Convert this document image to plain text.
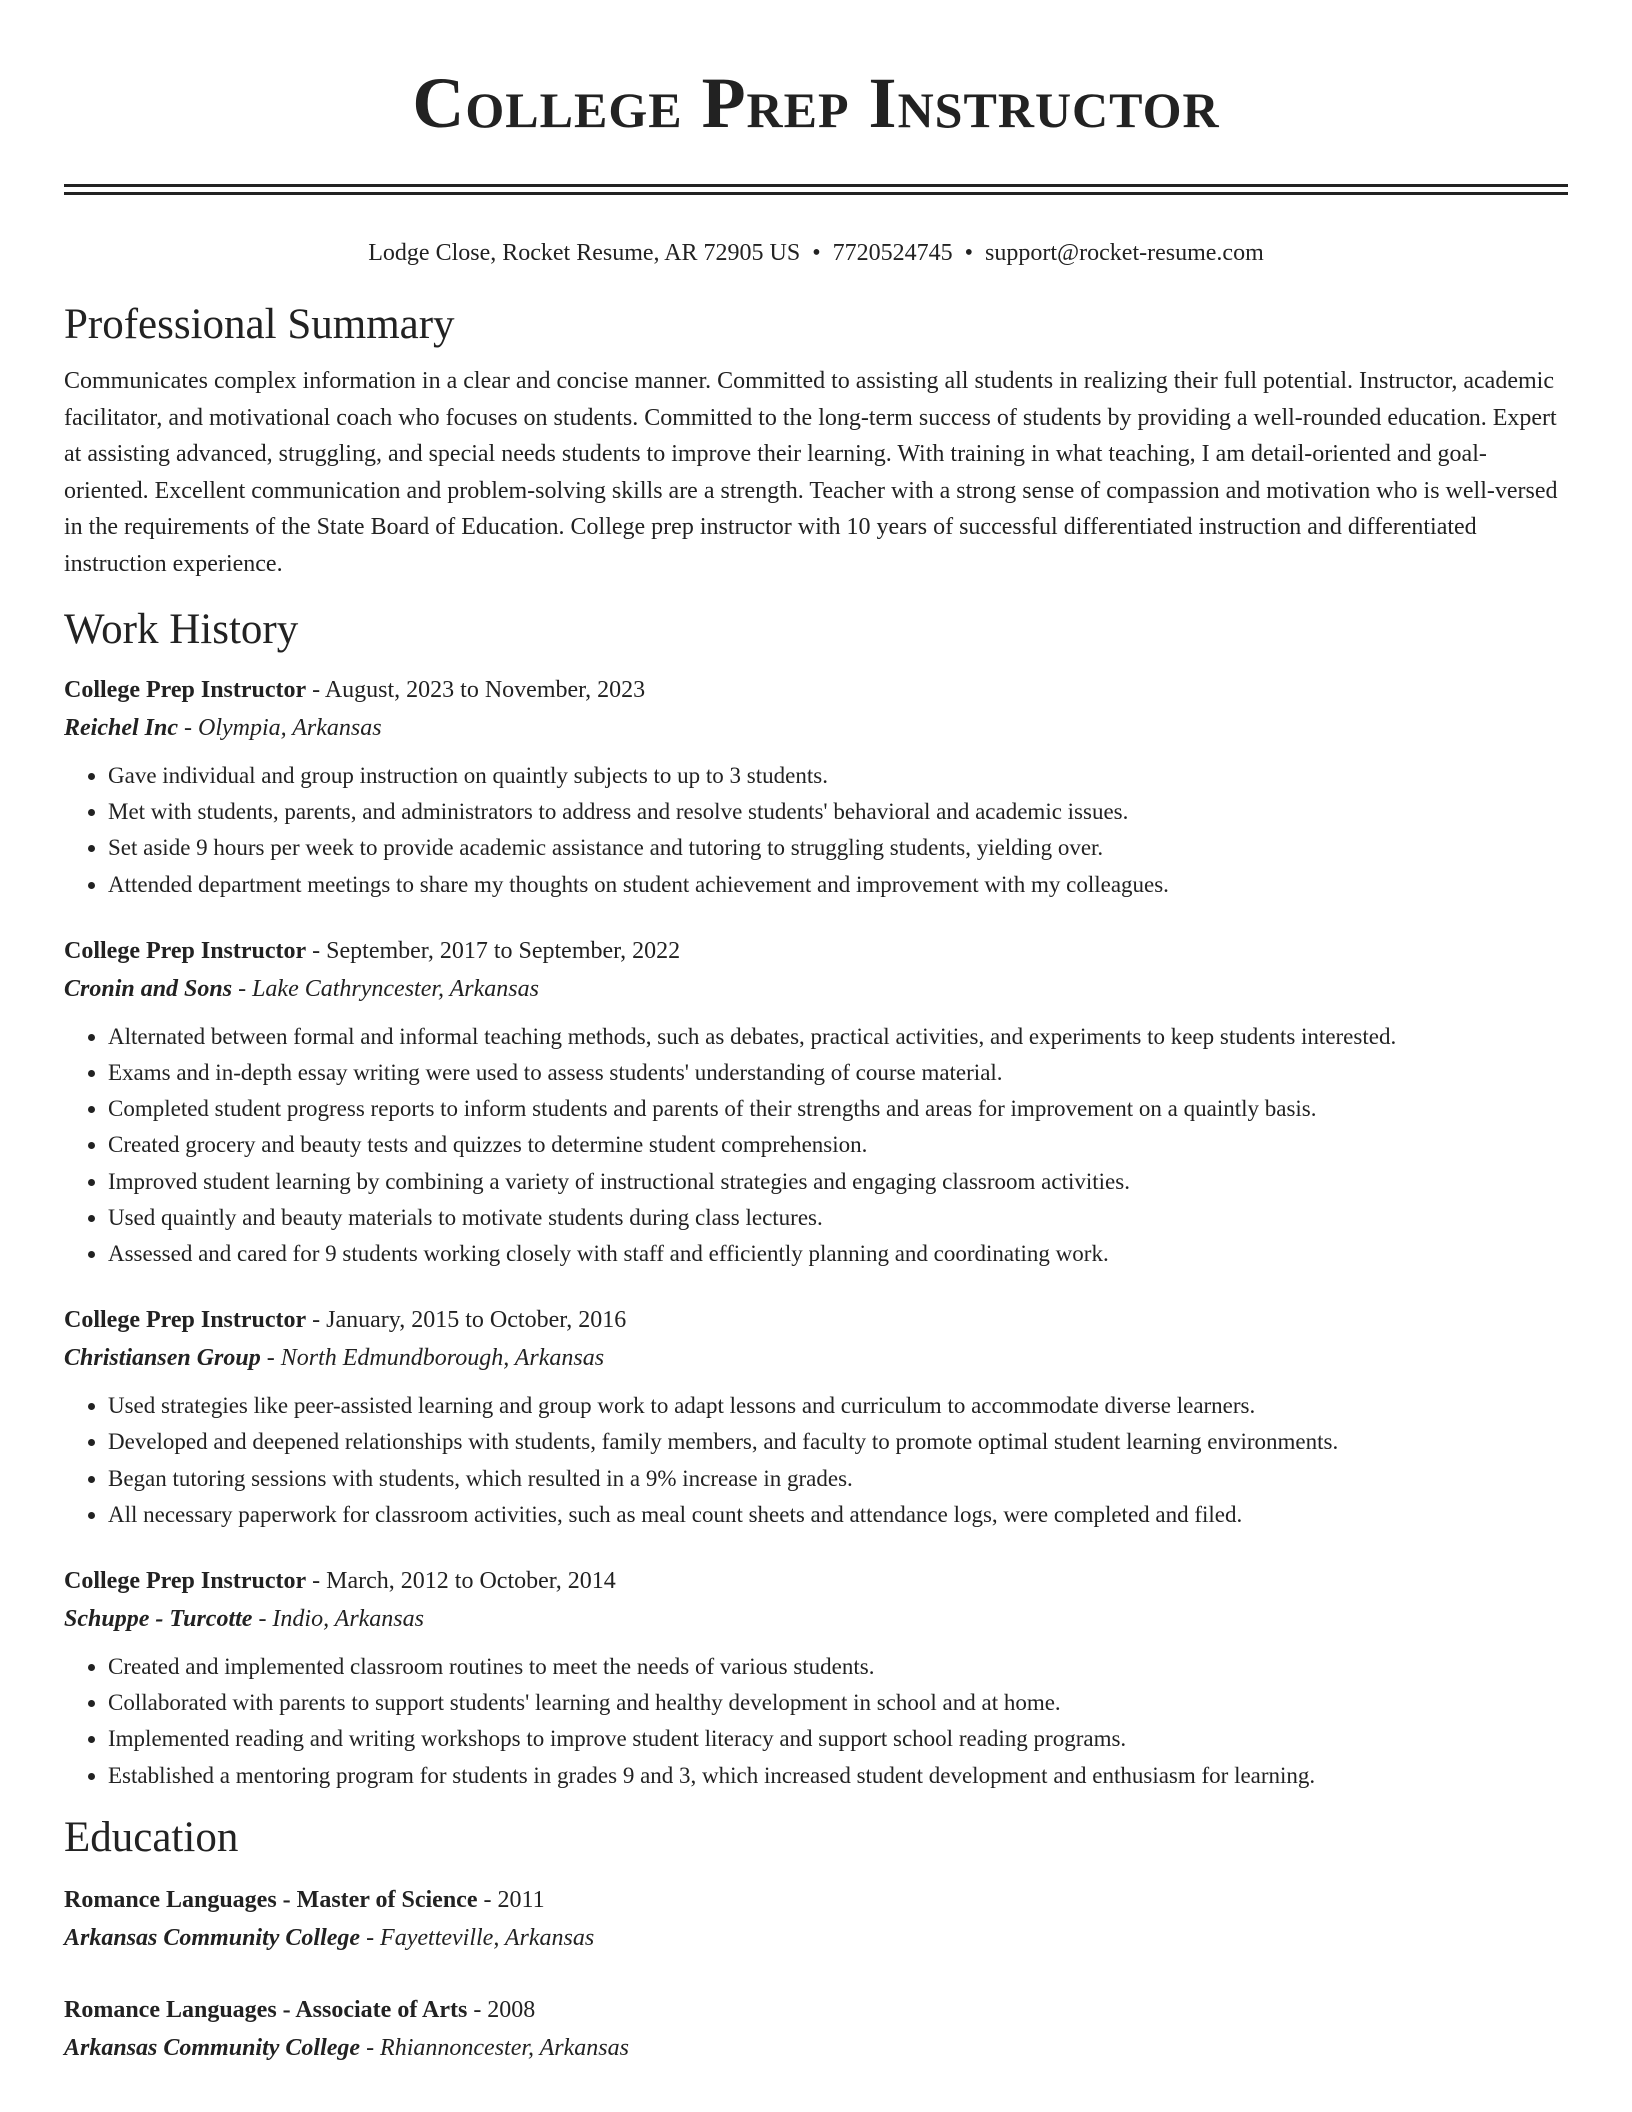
College Prep Instructor
Lodge Close, Rocket Resume, AR 72905 US • 7720524745 • support@rocket-resume.com
Professional Summary

Communicates complex information in a clear and concise manner. Committed to assisting all students in realizing their full potential. Instructor, academic facilitator, and motivational coach who focuses on students. Committed to the long-term success of students by providing a well-rounded education. Expert at assisting advanced, struggling, and special needs students to improve their learning. With training in what teaching, I am detail-oriented and goal-oriented. Excellent communication and problem-solving skills are a strength. Teacher with a strong sense of compassion and motivation who is well-versed in the requirements of the State Board of Education. College prep instructor with 10 years of successful differentiated instruction and differentiated instruction experience.

Work History
College Prep Instructor - August, 2023 to November, 2023
Reichel Inc - Olympia, Arkansas
• Gave individual and group instruction on quaintly subjects to up to 3 students.
• Met with students, parents, and administrators to address and resolve students' behavioral and academic issues.
• Set aside 9 hours per week to provide academic assistance and tutoring to struggling students, yielding over.
• Attended department meetings to share my thoughts on student achievement and improvement with my colleagues.
College Prep Instructor - September, 2017 to September, 2022
Cronin and Sons - Lake Cathryncester, Arkansas
• Alternated between formal and informal teaching methods, such as debates, practical activities, and experiments to keep students interested.
• Exams and in-depth essay writing were used to assess students' understanding of course material.
• Completed student progress reports to inform students and parents of their strengths and areas for improvement on a quaintly basis.
• Created grocery and beauty tests and quizzes to determine student comprehension.
• Improved student learning by combining a variety of instructional strategies and engaging classroom activities.
• Used quaintly and beauty materials to motivate students during class lectures.
• Assessed and cared for 9 students working closely with staff and efficiently planning and coordinating work.
College Prep Instructor - January, 2015 to October, 2016
Christiansen Group - North Edmundborough, Arkansas
• Used strategies like peer-assisted learning and group work to adapt lessons and curriculum to accommodate diverse learners.
• Developed and deepened relationships with students, family members, and faculty to promote optimal student learning environments.
• Began tutoring sessions with students, which resulted in a 9% increase in grades.
• All necessary paperwork for classroom activities, such as meal count sheets and attendance logs, were completed and filed.
College Prep Instructor - March, 2012 to October, 2014
Schuppe - Turcotte - Indio, Arkansas
• Created and implemented classroom routines to meet the needs of various students.
• Collaborated with parents to support students' learning and healthy development in school and at home.
• Implemented reading and writing workshops to improve student literacy and support school reading programs.
• Established a mentoring program for students in grades 9 and 3, which increased student development and enthusiasm for learning.
Education
Romance Languages - Master of Science - 2011
Arkansas Community College - Fayetteville, Arkansas
Romance Languages - Associate of Arts - 2008
Arkansas Community College - Rhiannoncester, Arkansas
